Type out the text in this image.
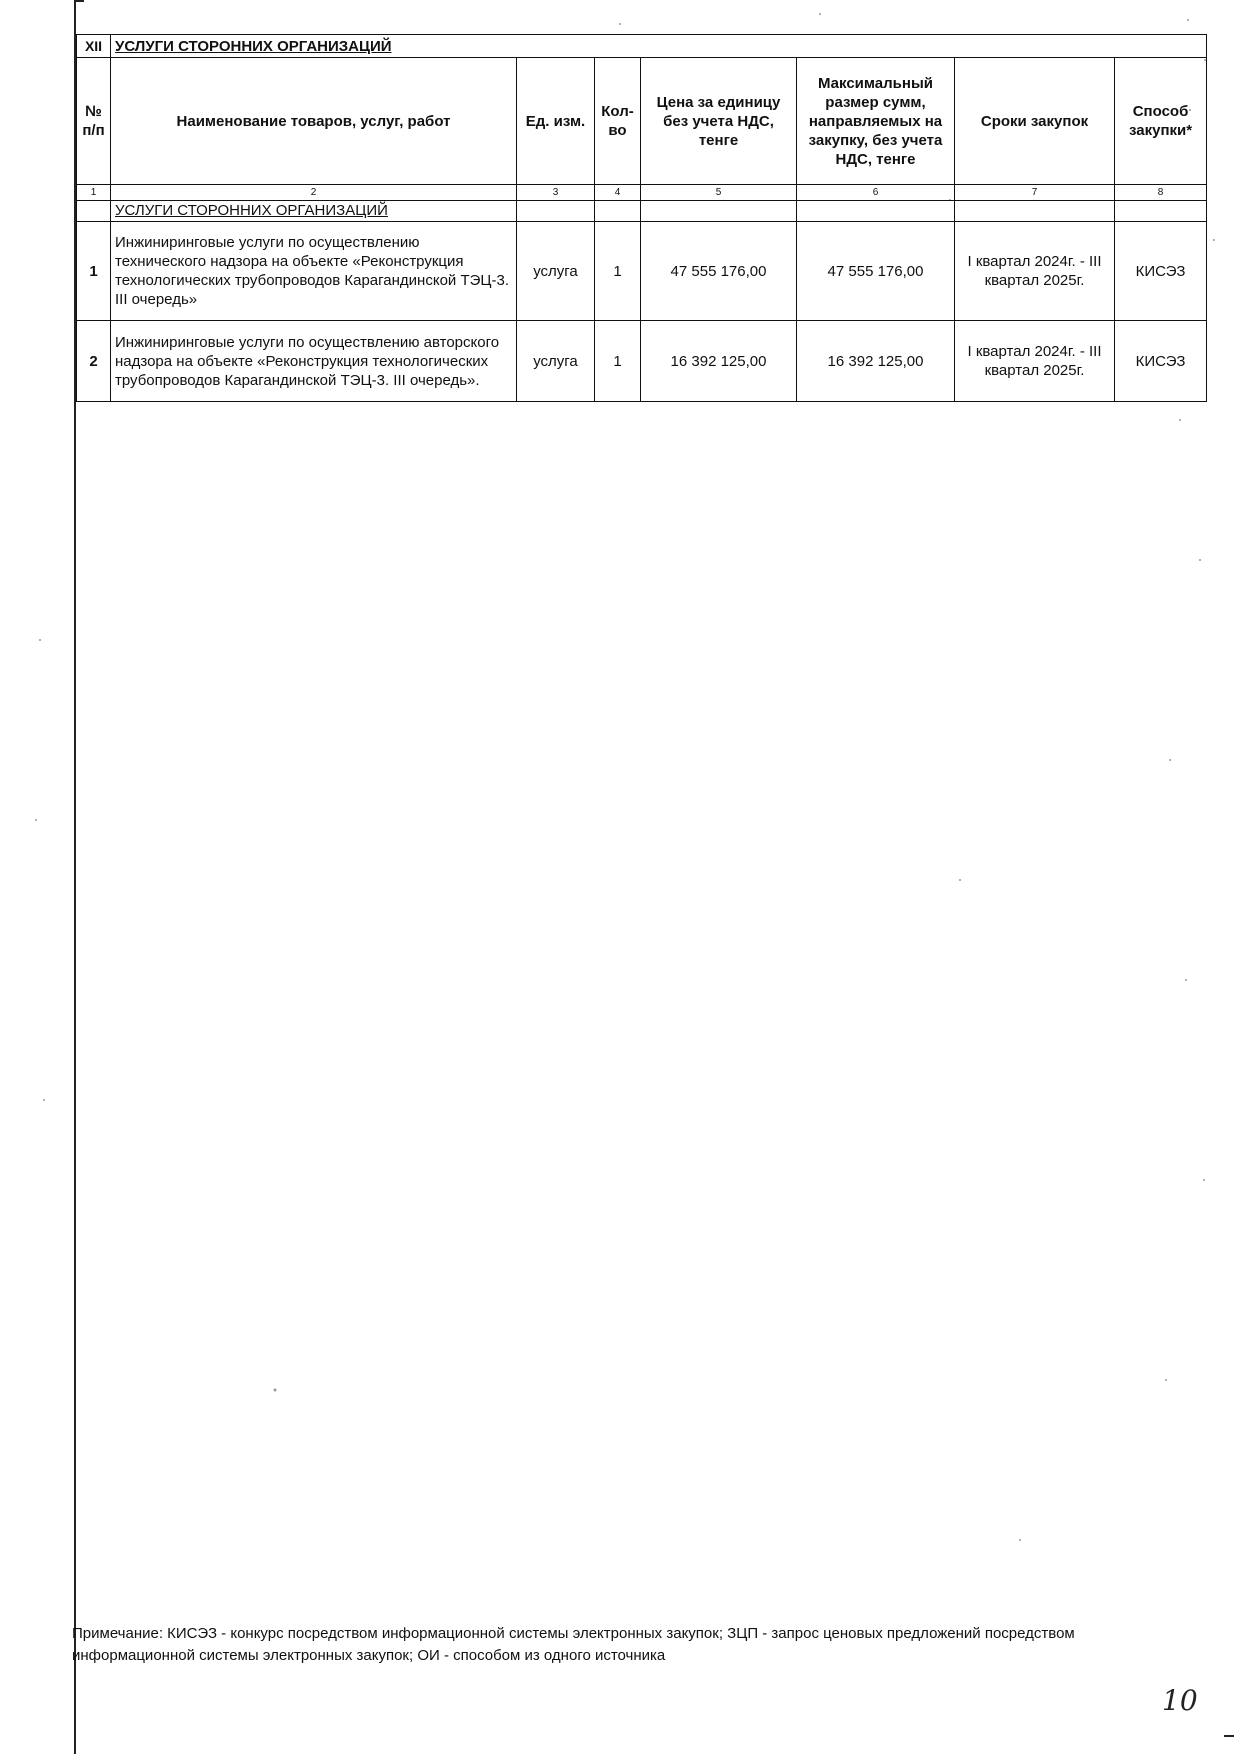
XII	УСЛУГИ СТОРОННИХ ОРГАНИЗАЦИЙ						
№ п/п	Наименование товаров, услуг, работ	Ед. изм.	Кол-во	Цена за единицу без учета НДС, тенге	Максимальный размер сумм, направляемых на закупку, без учета НДС, тенге	Сроки закупок	Способ закупки*
1	2	3	4	5	6	7	8
	УСЛУГИ СТОРОННИХ ОРГАНИЗАЦИЙ						
1	Инжиниринговые услуги по осуществлению технического надзора на объекте «Реконструкция технологических трубопроводов Карагандинской ТЭЦ-3. III очередь»	услуга	1	47 555 176,00	47 555 176,00	I квартал 2024г. - III квартал 2025г.	КИСЭЗ
2	Инжиниринговые услуги по осуществлению авторского надзора на объекте «Реконструкция технологических трубопроводов Карагандинской ТЭЦ-3. III очередь».	услуга	1	16 392 125,00	16 392 125,00	I квартал 2024г. - III квартал 2025г.	КИСЭЗ
Примечание: КИСЭЗ - конкурс посредством информационной системы электронных закупок; ЗЦП - запрос ценовых предложений посредством информационной системы электронных закупок; ОИ - способом из одного источника
10
